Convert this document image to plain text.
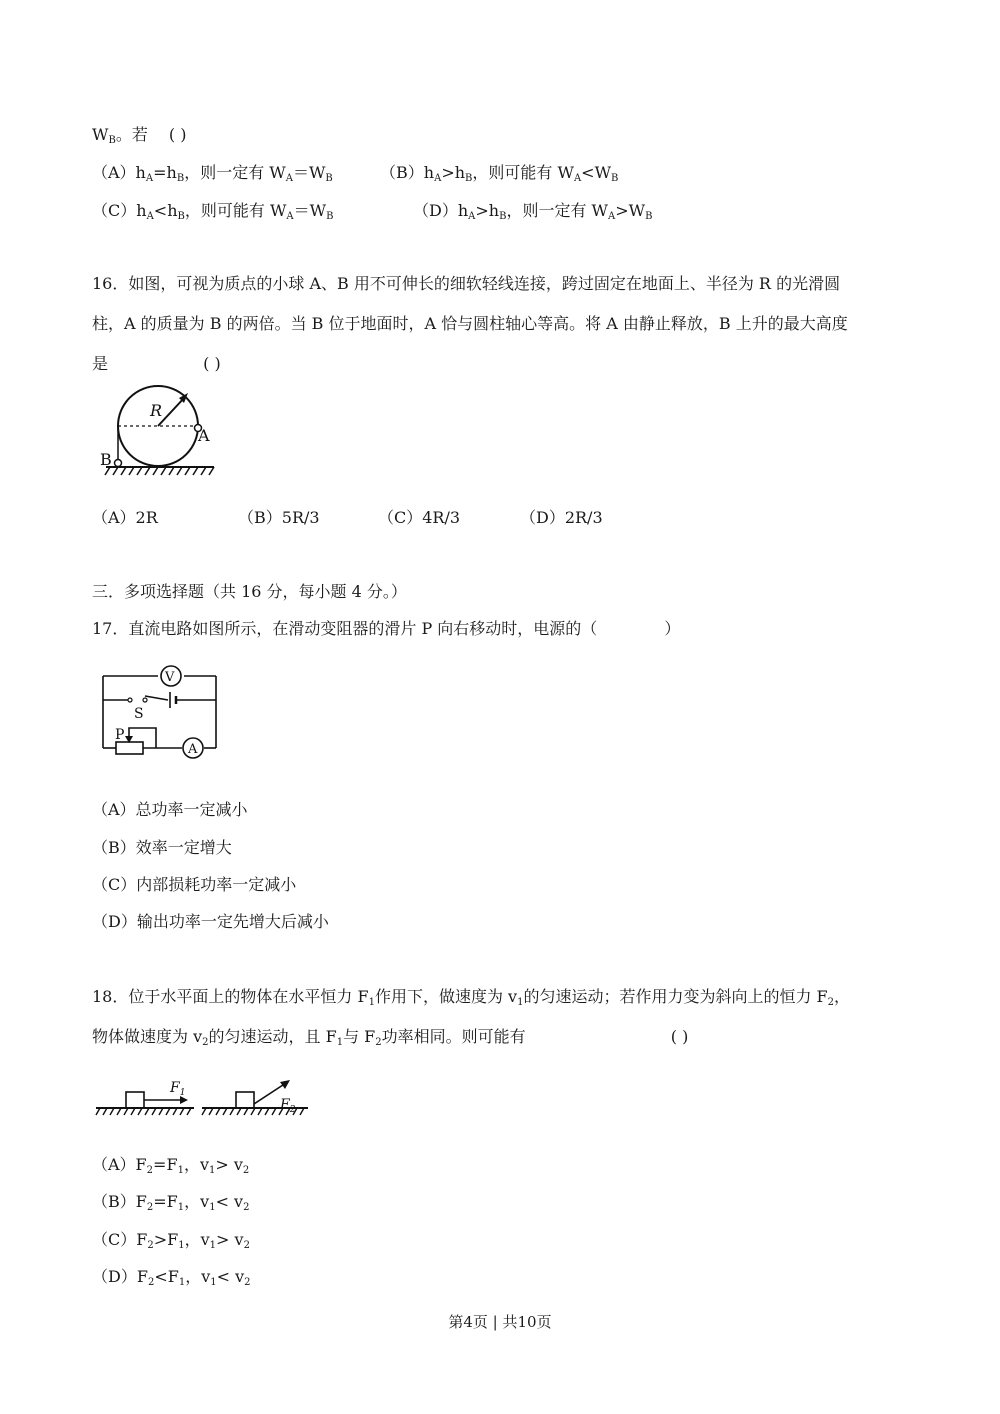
$W_B$。若 ( )
$(A)h_A=h_B$，则一定有 $W_A=W_B$	$(B)h_A>h_B$，则可能有 $W_A<W_B$
$(C)h_A<h_B$，则可能有 $W_A=W_B$	$(D)h_A>h_B$，则一定有 $W_A>W_B$
16．如图，可视为质点的小球 A、B 用不可伸长的细软轻线连接，跨过固定在地面上、半径为 R 的光滑圆
柱，A 的质量为 B 的两倍。当 B 位于地面时，A 恰与圆柱轴心等高。将 A 由静止释放，B 上升的最大高度
是	( )
R
A
B
（A）2R	（B）5R/3	（C）4R/3	（D）2R/3
三．多项选择题（共 16 分，每小题 4 分。）
17．直流电路如图所示，在滑动变阻器的滑片 P 向右移动时，电源的（	）
V
S
P
A
（A）总功率一定减小
（B）效率一定增大
（C）内部损耗功率一定减小
（D）输出功率一定先增大后减小
18．位于水平面上的物体在水平恒力 $F_1$作用下，做速度为 $v_1$的匀速运动；若作用力变为斜向上的恒力 $F_2$，
物体做速度为 $v_2$的匀速运动，且 $F_1$与 $F_2$功率相同。则可能有	( )
$F_1$
$F_2$
$(A)F_2=F_1$，$v_1> v_2$
$(B)F_2=F_1$，$v_1< v_2$
$(C)F_2>F_1$，$v_1> v_2$
$(D)F_2<F_1$，$v_1< v_2$
第4页 | 共10页
